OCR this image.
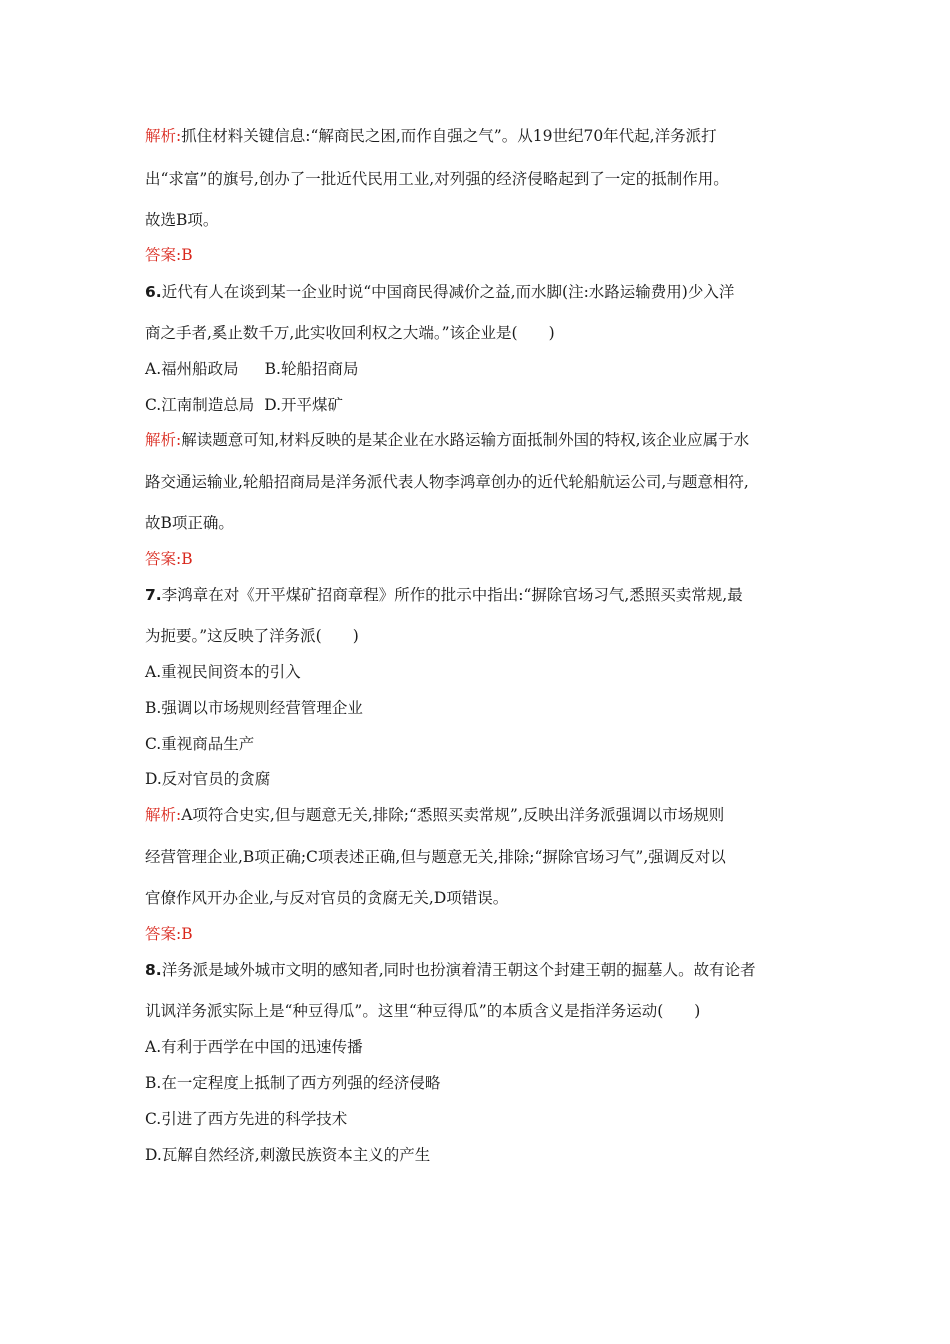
解析:抓住材料关键信息:“解商民之困,而作自强之气”。从19世纪70年代起,洋务派打
出“求富”的旗号,创办了一批近代民用工业,对列强的经济侵略起到了一定的抵制作用。
故选B项。
答案:B
6.近代有人在谈到某一企业时说“中国商民得减价之益,而水脚(注:水路运输费用)少入洋
商之手者,奚止数千万,此实收回利权之大端。”该企业是(　　)
A.福州船政局 B.轮船招商局
C.江南制造总局 D.开平煤矿
解析:解读题意可知,材料反映的是某企业在水路运输方面抵制外国的特权,该企业应属于水
路交通运输业,轮船招商局是洋务派代表人物李鸿章创办的近代轮船航运公司,与题意相符,
故B项正确。
答案:B
7.李鸿章在对《开平煤矿招商章程》所作的批示中指出:“摒除官场习气,悉照买卖常规,最
为扼要。”这反映了洋务派(　　)
A.重视民间资本的引入
B.强调以市场规则经营管理企业
C.重视商品生产
D.反对官员的贪腐
解析:A项符合史实,但与题意无关,排除;“悉照买卖常规”,反映出洋务派强调以市场规则
经营管理企业,B项正确;C项表述正确,但与题意无关,排除;“摒除官场习气”,强调反对以
官僚作风开办企业,与反对官员的贪腐无关,D项错误。
答案:B
8.洋务派是域外城市文明的感知者,同时也扮演着清王朝这个封建王朝的掘墓人。故有论者
讥讽洋务派实际上是“种豆得瓜”。这里“种豆得瓜”的本质含义是指洋务运动(　　)
A.有利于西学在中国的迅速传播
B.在一定程度上抵制了西方列强的经济侵略
C.引进了西方先进的科学技术
D.瓦解自然经济,刺激民族资本主义的产生
